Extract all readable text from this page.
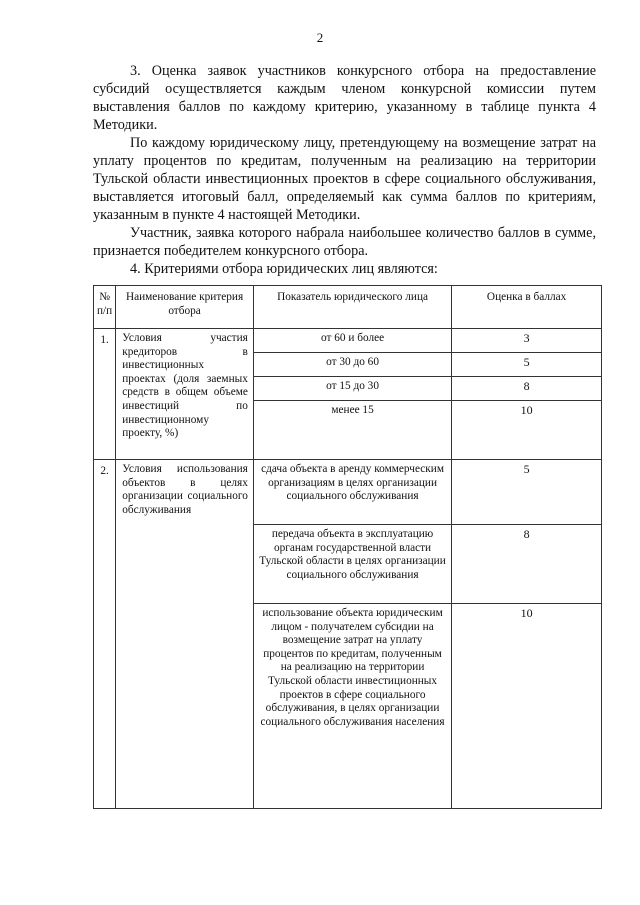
2

3. Оценка заявок участников конкурсного отбора на предоставление субсидий осуществляется каждым членом конкурсной комиссии путем выставления баллов по каждому критерию, указанному в таблице пункта 4 Методики.

По каждому юридическому лицу, претендующему на возмещение затрат на уплату процентов по кредитам, полученным на реализацию на территории Тульской области инвестиционных проектов в сфере социального обслуживания, выставляется итоговый балл, определяемый как сумма баллов по критериям, указанным в пункте 4 настоящей Методики.

Участник, заявка которого набрала наибольшее количество баллов в сумме, признается победителем конкурсного отбора.

4. Критериями отбора юридических лиц являются:

№ п/п	Наименование критерия отбора	Показатель юридического лица	Оценка в баллах
1.	Условия участия кредиторов в инвестиционных проектах (доля заемных средств в общем объеме инвестиций по инвестиционному проекту, %)	от 60 и более	3
		от 30 до 60	5
		от 15 до 30	8
		менее 15	10
2.	Условия использования объектов в целях организации социального обслуживания	сдача объекта в аренду коммерческим организациям в целях организации социального обслуживания	5
		передача объекта в эксплуатацию органам государственной власти Тульской области в целях организации социального обслуживания	8
		использование объекта юридическим лицом - получателем субсидии на возмещение затрат на уплату процентов по кредитам, полученным на реализацию на территории Тульской области инвестиционных проектов в сфере социального обслуживания, в целях организации социального обслуживания населения	10
